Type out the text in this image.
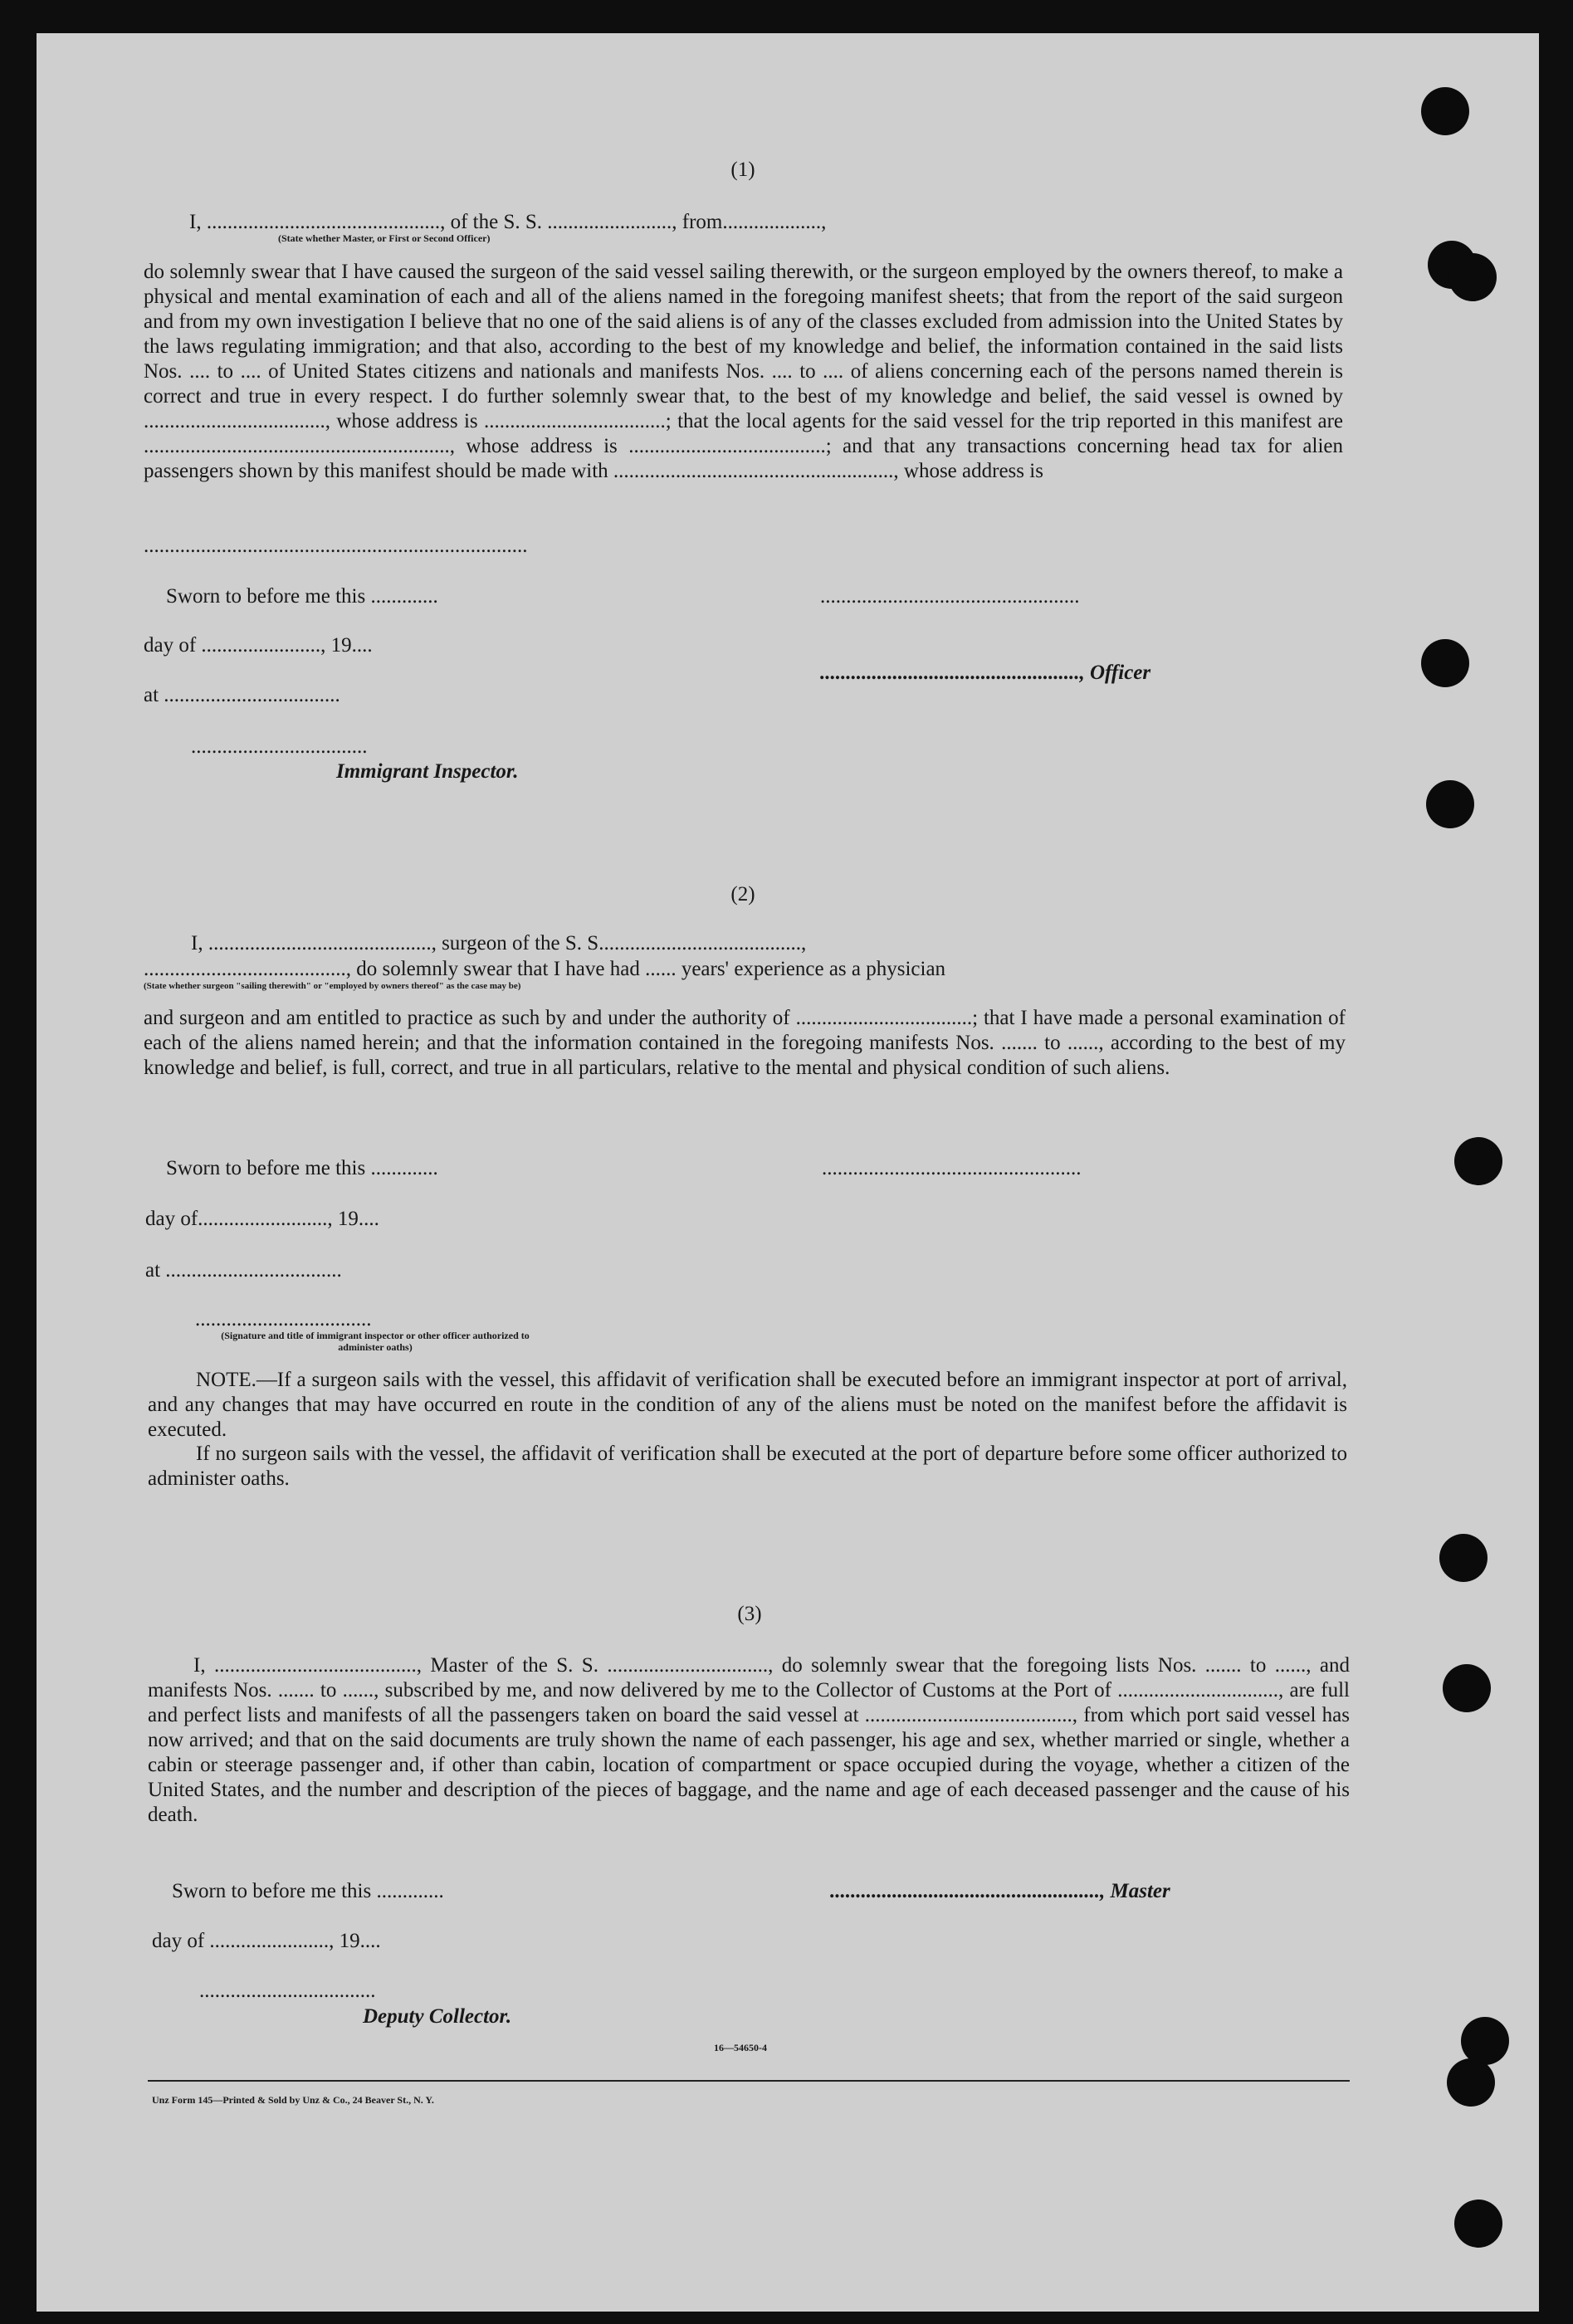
(1)
I, ............................................., of the S. S. ........................, from...................,
(State whether Master, or First or Second Officer)
do solemnly swear that I have caused the surgeon of the said vessel sailing therewith, or the surgeon employed by the owners thereof, to make a physical and mental examination of each and all of the aliens named in the foregoing manifest sheets; that from the report of the said surgeon and from my own investigation I believe that no one of the said aliens is of any of the classes excluded from admission into the United States by the laws regulating immigration; and that also, according to the best of my knowledge and belief, the information contained in the said lists Nos. .... to .... of United States citizens and nationals and manifests Nos. .... to .... of aliens concerning each of the persons named therein is correct and true in every respect. I do further solemnly swear that, to the best of my knowledge and belief, the said vessel is owned by ..................................., whose address is ...................................; that the local agents for the said vessel for the trip reported in this manifest are ..........................................................., whose address is ......................................; and that any transactions concerning head tax for alien passengers shown by this manifest should be made with ......................................................, whose address is
..........................................................................
Sworn to before me this .............	..................................................
day of ......................., 19....
.................................................., Officer
at ..................................
..................................
Immigrant Inspector.
(2)
I, ..........................................., surgeon of the S. S.......................................,
......................................., do solemnly swear that I have had ...... years' experience as a physician
(State whether surgeon "sailing therewith" or "employed by owners thereof" as the case may be)
and surgeon and am entitled to practice as such by and under the authority of ..................................; that I have made a personal examination of each of the aliens named herein; and that the information contained in the foregoing manifests Nos. ....... to ......, according to the best of my knowledge and belief, is full, correct, and true in all particulars, relative to the mental and physical condition of such aliens.
Sworn to before me this .............	..................................................
day of........................., 19....
at ..................................
..................................
(Signature and title of immigrant inspector or other officer authorized to administer oaths)
NOTE.—If a surgeon sails with the vessel, this affidavit of verification shall be executed before an immigrant inspector at port of arrival, and any changes that may have occurred en route in the condition of any of the aliens must be noted on the manifest before the affidavit is executed.
If no surgeon sails with the vessel, the affidavit of verification shall be executed at the port of departure before some officer authorized to administer oaths.
(3)
I, ......................................., Master of the S. S. ..............................., do solemnly swear that the foregoing lists Nos. ....... to ......, and manifests Nos. ....... to ......, subscribed by me, and now delivered by me to the Collector of Customs at the Port of ..............................., are full and perfect lists and manifests of all the passengers taken on board the said vessel at ........................................, from which port said vessel has now arrived; and that on the said documents are truly shown the name of each passenger, his age and sex, whether married or single, whether a cabin or steerage passenger and, if other than cabin, location of compartment or space occupied during the voyage, whether a citizen of the United States, and the number and description of the pieces of baggage, and the name and age of each deceased passenger and the cause of his death.
Sworn to before me this .............	...................................................., Master
day of ......................., 19....
..................................
Deputy Collector.
16—54650-4
Unz Form 145—Printed & Sold by Unz & Co., 24 Beaver St., N. Y.
